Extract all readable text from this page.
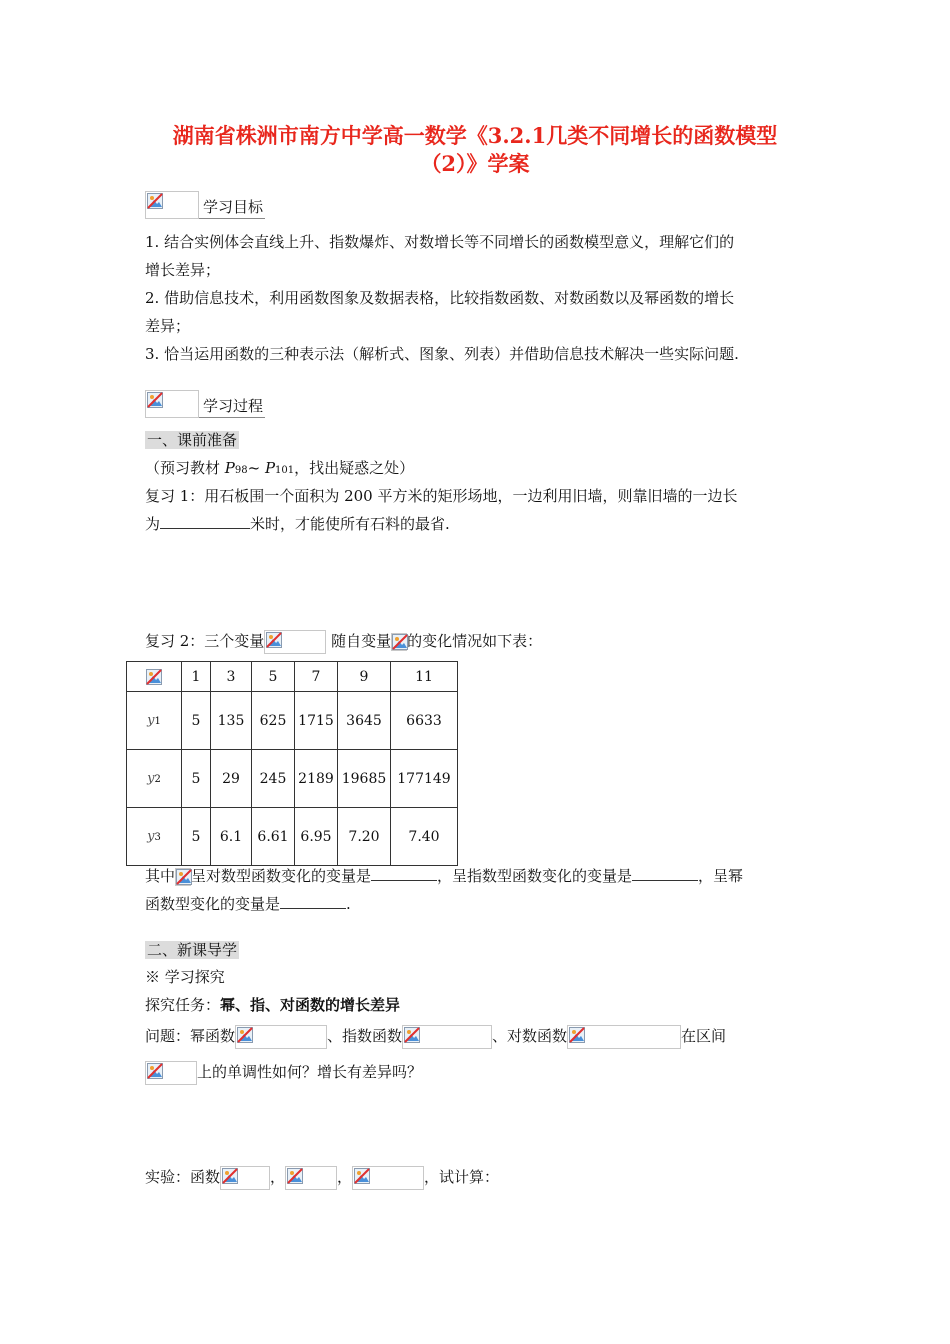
湖南省株洲市南方中学高一数学《3.2.1几类不同增长的函数模型
（2）》学案
学习目标
1. 结合实例体会直线上升、指数爆炸、对数增长等不同增长的函数模型意义，理解它们的
增长差异；
2. 借助信息技术，利用函数图象及数据表格，比较指数函数、对数函数以及幂函数的增长
差异；
3. 恰当运用函数的三种表示法（解析式、图象、列表）并借助信息技术解决一些实际问题.
学习过程
一、课前准备
（预习教材 P98~ P101，找出疑惑之处）
复习 1：用石板围一个面积为 200 平方米的矩形场地，一边利用旧墙，则靠旧墙的一边长
为	米时，才能使所有石料的最省.
复习 2：三个变量	随自变量 的变化情况如下表：
	1	3	5	7	9	11
y1	5	135	625	1715	3645	6633
y2	5	29	245	2189	19685	177149
y3	5	6.1	6.61	6.95	7.20	7.40
其中 呈对数型函数变化的变量是	，呈指数型函数变化的变量是	，呈幂
函数型变化的变量是	.
二、新课导学
※ 学习探究
探究任务：幂、指、对函数的增长差异
问题：幂函数	、指数函数	、对数函数	在区间
上的单调性如何？增长有差异吗？
实验：函数	，	，	，试计算：
